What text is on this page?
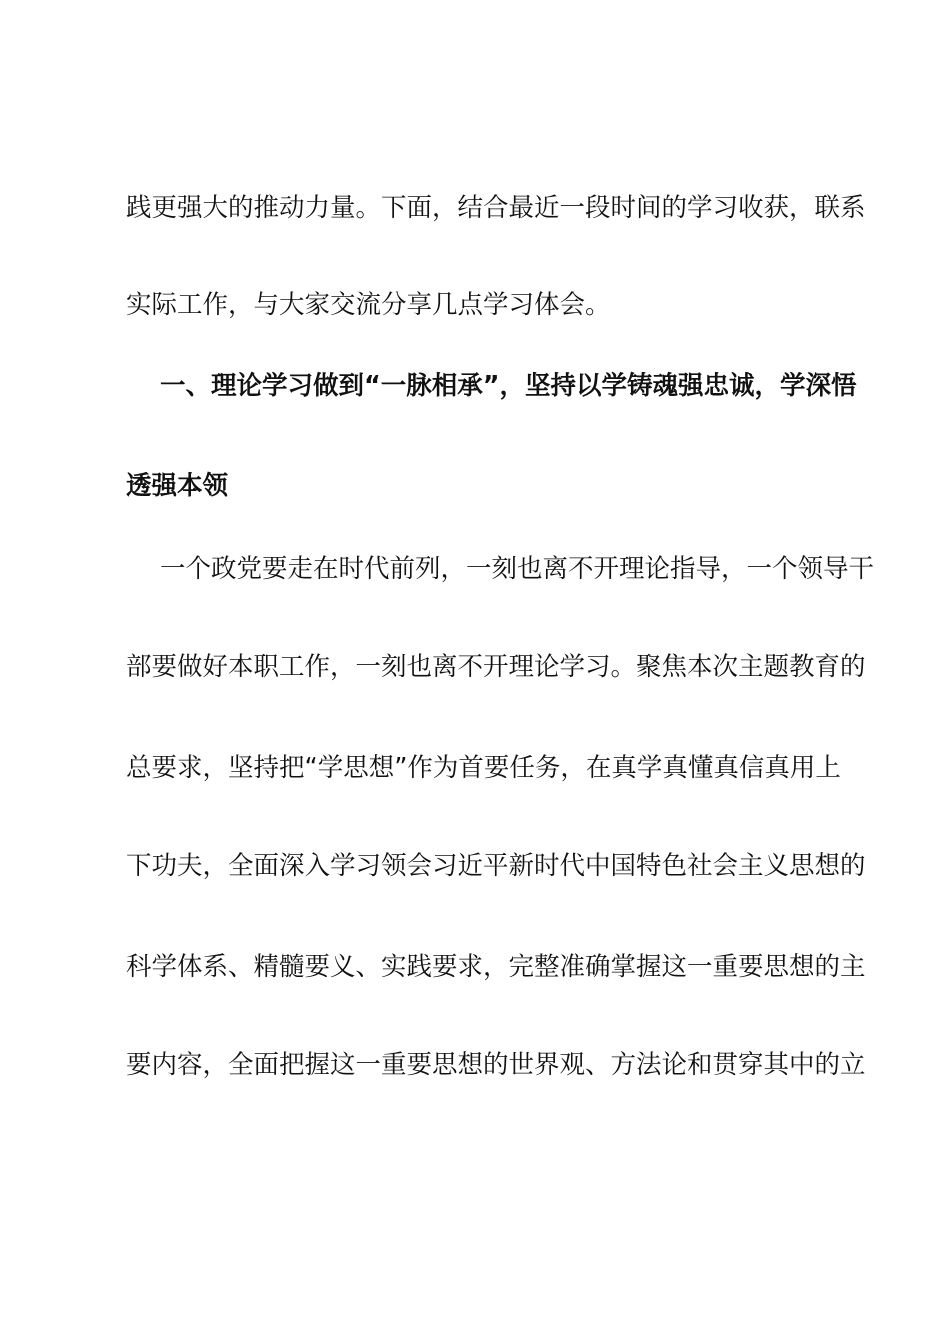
践更强大的推动力量。下面，结合最近一段时间的学习收获，联系
实际工作，与大家交流分享几点学习体会。
一、理论学习做到“一脉相承”，坚持以学铸魂强忠诚，学深悟
透强本领
一个政党要走在时代前列，一刻也离不开理论指导，一个领导干
部要做好本职工作，一刻也离不开理论学习。聚焦本次主题教育的
总要求，坚持把“学思想”作为首要任务，在真学真懂真信真用上
下功夫，全面深入学习领会习近平新时代中国特色社会主义思想的
科学体系、精髓要义、实践要求，完整准确掌握这一重要思想的主
要内容，全面把握这一重要思想的世界观、方法论和贯穿其中的立
